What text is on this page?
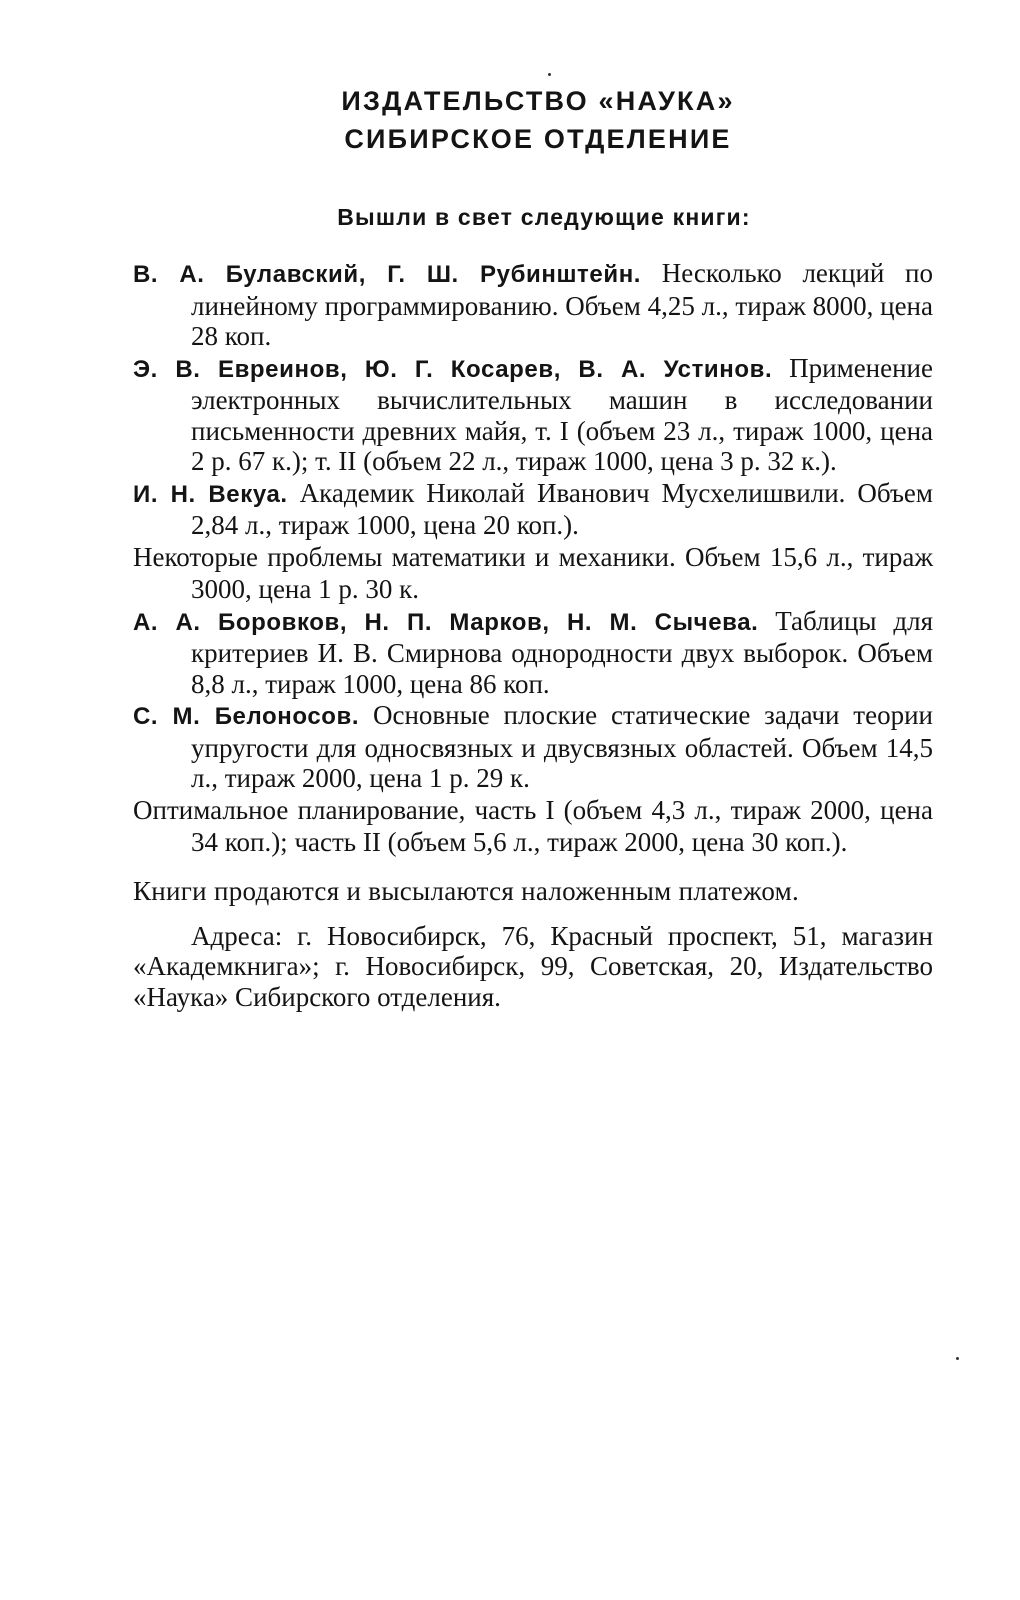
ИЗДАТЕЛЬСТВО «НАУКА»

СИБИРСКОЕ ОТДЕЛЕНИЕ

Вышли в свет следующие книги:

В. А. Булавский, Г. Ш. Рубинштейн. Несколько лекций по линейному программированию. Объем 4,25 л., тираж 8000, цена 28 коп.
Э. В. Евреинов, Ю. Г. Косарев, В. А. Устинов. Применение электронных вычислительных машин в исследовании письменности древних майя, т. I (объем 23 л., тираж 1000, цена 2 р. 67 к.); т. II (объем 22 л., тираж 1000, цена 3 р. 32 к.).
И. Н. Векуа. Академик Николай Иванович Мусхелишвили. Объем 2,84 л., тираж 1000, цена 20 коп.).
Некоторые проблемы математики и механики. Объем 15,6 л., тираж 3000, цена 1 р. 30 к.
А. А. Боровков, Н. П. Марков, Н. М. Сычева. Таблицы для критериев И. В. Смирнова однородности двух выборок. Объем 8,8 л., тираж 1000, цена 86 коп.
С. М. Белоносов. Основные плоские статические задачи теории упругости для односвязных и двусвязных областей. Объем 14,5 л., тираж 2000, цена 1 р. 29 к.
Оптимальное планирование, часть I (объем 4,3 л., тираж 2000, цена 34 коп.); часть II (объем 5,6 л., тираж 2000, цена 30 коп.).

Книги продаются и высылаются наложенным платежом.

Адреса: г. Новосибирск, 76, Красный проспект, 51, магазин «Академкнига»; г. Новосибирск, 99, Советская, 20, Издательство «Наука» Сибирского отделения.
